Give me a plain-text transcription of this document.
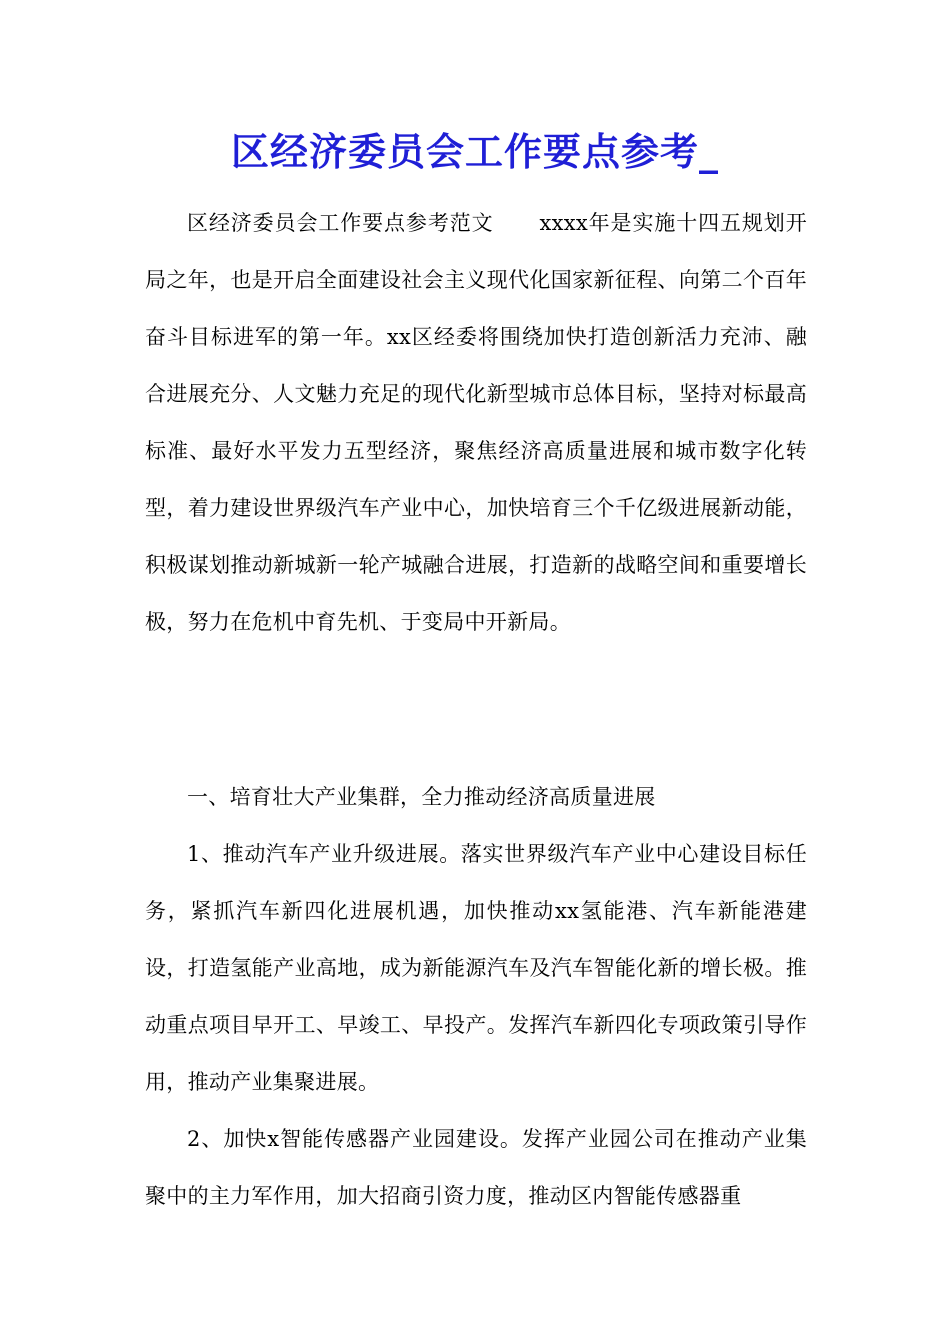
区经济委员会工作要点参考_
区经济委员会工作要点参考范文 xxxx年是实施十四五规划开局之年，也是开启全面建设社会主义现代化国家新征程、向第二个百年奋斗目标进军的第一年。xx区经委将围绕加快打造创新活力充沛、融合进展充分、人文魅力充足的现代化新型城市总体目标，坚持对标最高标准、最好水平发力五型经济，聚焦经济高质量进展和城市数字化转型，着力建设世界级汽车产业中心，加快培育三个千亿级进展新动能，积极谋划推动新城新一轮产城融合进展，打造新的战略空间和重要增长极，努力在危机中育先机、于变局中开新局。
一、培育壮大产业集群，全力推动经济高质量进展
1、推动汽车产业升级进展。落实世界级汽车产业中心建设目标任务，紧抓汽车新四化进展机遇，加快推动xx氢能港、汽车新能港建设，打造氢能产业高地，成为新能源汽车及汽车智能化新的增长极。推动重点项目早开工、早竣工、早投产。发挥汽车新四化专项政策引导作用，推动产业集聚进展。
2、加快x智能传感器产业园建设。发挥产业园公司在推动产业集聚中的主力军作用，加大招商引资力度，推动区内智能传感器重
